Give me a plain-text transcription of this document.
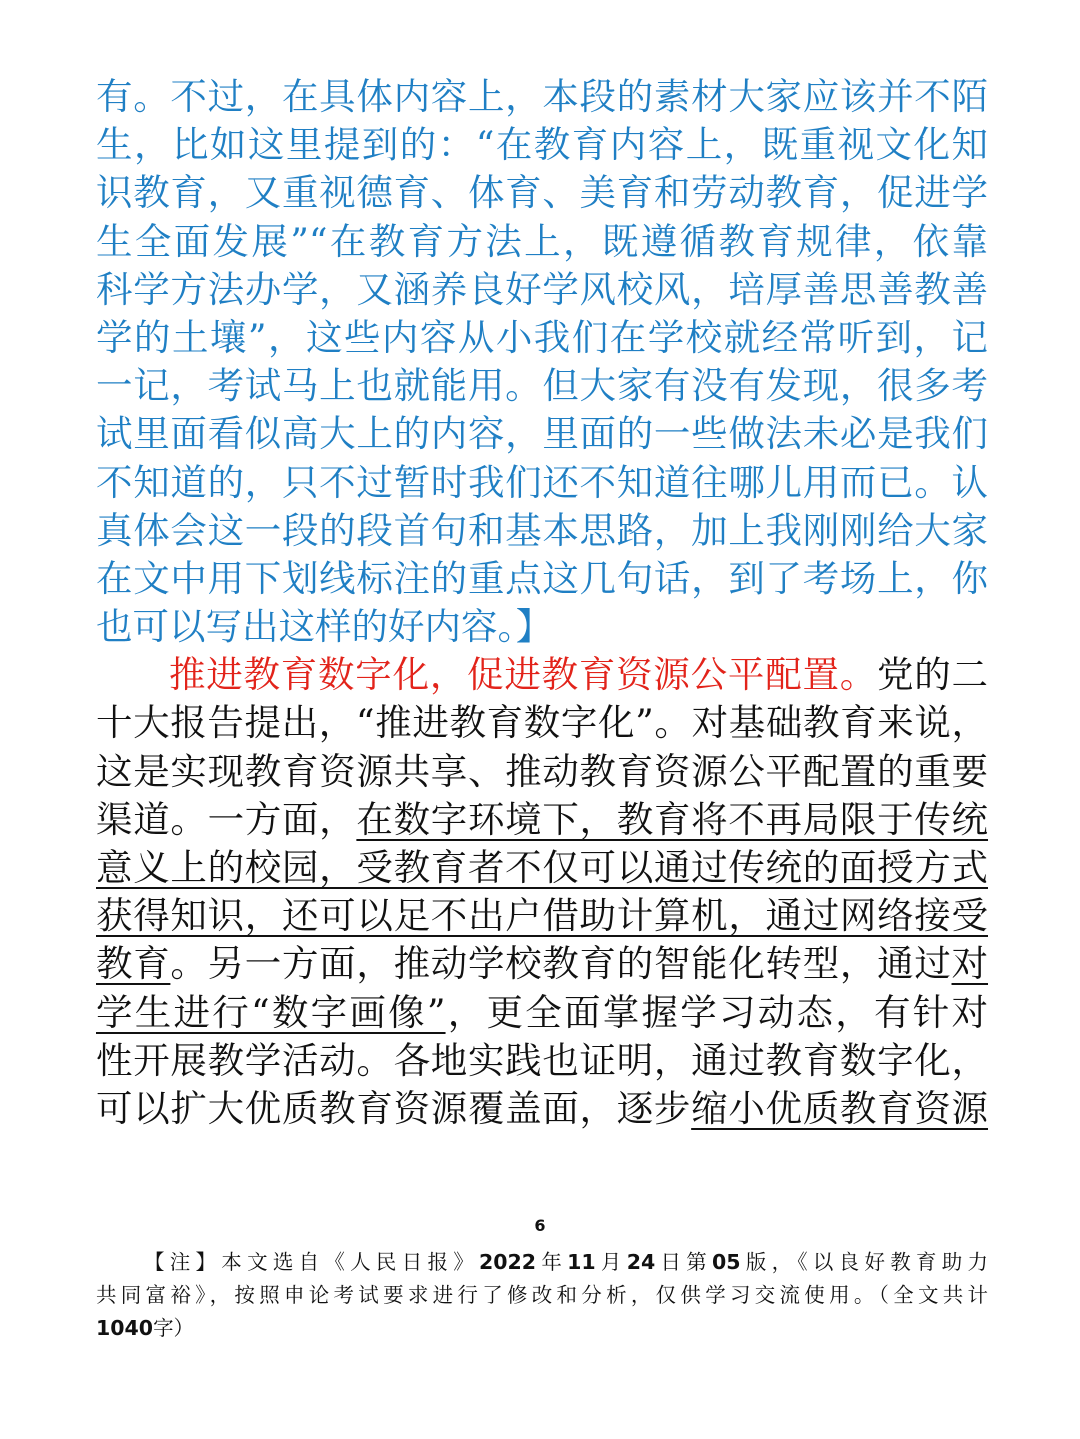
有。不过，在具体内容上，本段的素材大家应该并不陌
生，比如这里提到的：“在教育内容上，既重视文化知
识教育，又重视德育、体育、美育和劳动教育，促进学
生全面发展”“在教育方法上，既遵循教育规律，依靠
科学方法办学，又涵养良好学风校风，培厚善思善教善
学的土壤”，这些内容从小我们在学校就经常听到，记
一记，考试马上也就能用。但大家有没有发现，很多考
试里面看似高大上的内容，里面的一些做法未必是我们
不知道的，只不过暂时我们还不知道往哪儿用而已。认
真体会这一段的段首句和基本思路，加上我刚刚给大家
在文中用下划线标注的重点这几句话，到了考场上，你
也可以写出这样的好内容。】
推进教育数字化，促进教育资源公平配置。党的二
十大报告提出，“推进教育数字化”。对基础教育来说，
这是实现教育资源共享、推动教育资源公平配置的重要
渠道。一方面，在数字环境下，教育将不再局限于传统
意义上的校园，受教育者不仅可以通过传统的面授方式
获得知识，还可以足不出户借助计算机，通过网络接受
教育。另一方面，推动学校教育的智能化转型，通过对
学生进行“数字画像”，更全面掌握学习动态，有针对
性开展教学活动。各地实践也证明，通过教育数字化，
可以扩大优质教育资源覆盖面，逐步缩小优质教育资源
6
【注】本文选自《人民日报》2022年11月24日第05版，《以良好教育助力
共同富裕》，按照申论考试要求进行了修改和分析，仅供学习交流使用。（全文共计
1040字）
